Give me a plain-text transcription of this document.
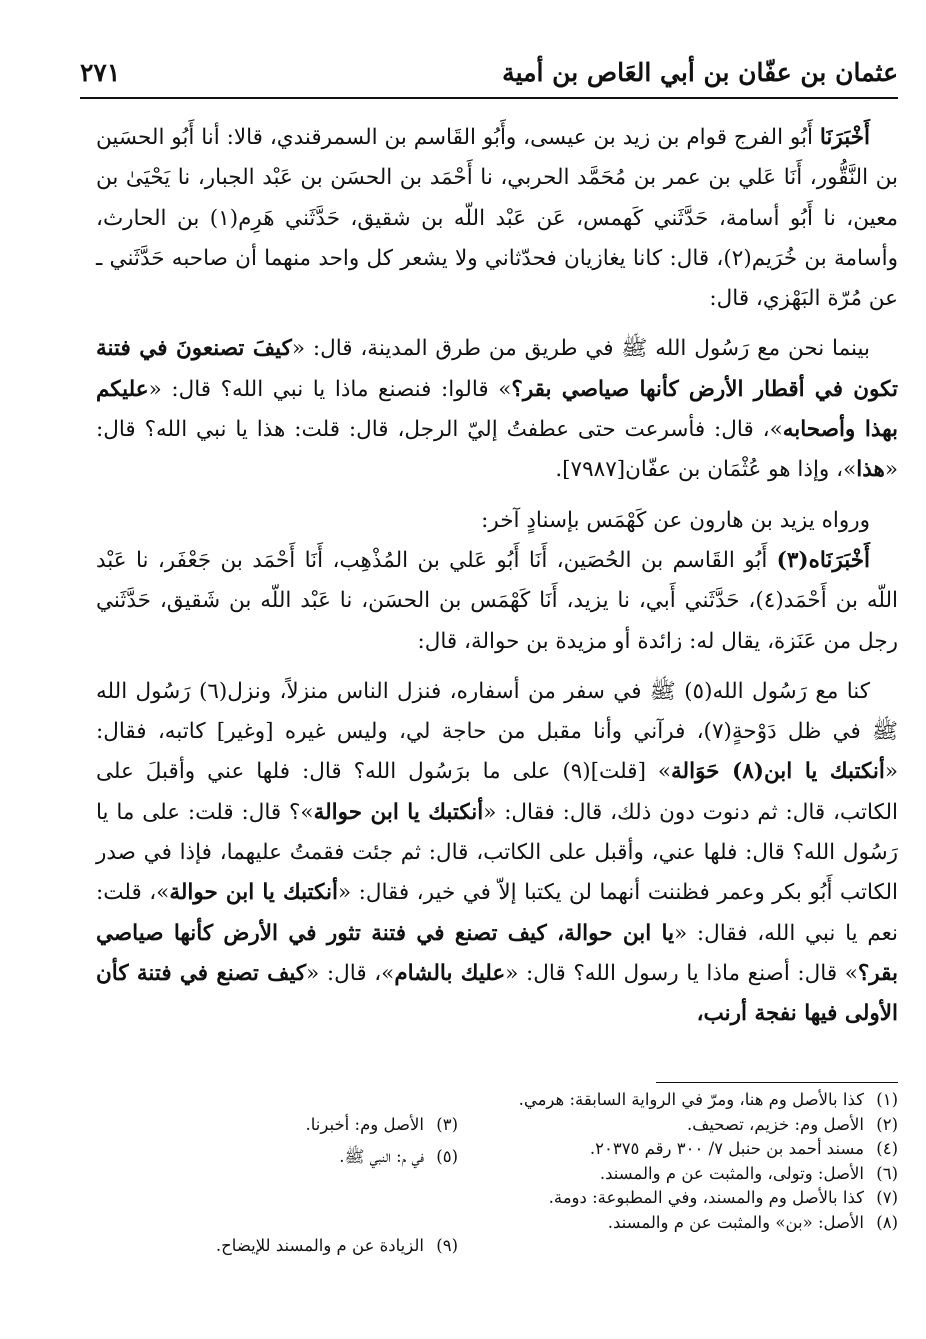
عثمان بن عفّان بن أبي العَاص بن أمية
٢٧١

أَخْبَرَنَا أَبُو الفرج قوام بن زيد بن عيسى، وأَبُو القَاسم بن السمرقندي، قالا: أنا أَبُو الحسَين بن النَّقُّور، أَنَا عَلي بن عمر بن مُحَمَّد الحربي، نا أَحْمَد بن الحسَن بن عَبْد الجبار، نا يَحْيَىٰ بن معين، نا أَبُو أسامة، حَدَّثَني كَهمس، عَن عَبْد اللّه بن شقيق، حَدَّثَني هَرِم(١) بن الحارث، وأسامة بن خُرَيم(٢)، قال: كانا يغازيان فحدّثاني ولا يشعر كل واحد منهما أن صاحبه حَدَّثَني ـ عن مُرّة البَهْزي، قال:

بينما نحن مع رَسُول الله ﷺ في طريق من طرق المدينة، قال: «كيفَ تصنعونَ في فتنة تكون في أقطار الأرض كأنها صياصي بقر؟» قالوا: فنصنع ماذا يا نبي الله؟ قال: «عليكم بهذا وأصحابه»، قال: فأسرعت حتى عطفتُ إليّ الرجل، قال: قلت: هذا يا نبي الله؟ قال: «هذا»، وإذا هو عُثْمَان بن عفّان[٧٩٨٧].

ورواه يزيد بن هارون عن كَهْمَس بإسنادٍ آخر:

أَخْبَرَنَاه(٣) أَبُو القَاسم بن الحُصَين، أَنَا أَبُو عَلي بن المُذْهِب، أَنَا أَحْمَد بن جَعْفَر، نا عَبْد اللّه بن أَحْمَد(٤)، حَدَّثَني أَبي، نا يزيد، أَنَا كَهْمَس بن الحسَن، نا عَبْد اللّه بن شَقيق، حَدَّثَني رجل من عَنَزة، يقال له: زائدة أو مزيدة بن حوالة، قال:

كنا مع رَسُول الله(٥) ﷺ في سفر من أسفاره، فنزل الناس منزلاً، ونزل(٦) رَسُول الله ﷺ في ظل دَوْحةٍ(٧)، فرآني وأنا مقبل من حاجة لي، وليس غيره [وغير] كاتبه، فقال: «أنكتبك يا ابن(٨) حَوَالة» [قلت](٩) على ما برَسُول الله؟ قال: فلها عني وأقبلَ على الكاتب، قال: ثم دنوت دون ذلك، قال: فقال: «أنكتبك يا ابن حوالة»؟ قال: قلت: على ما يا رَسُول الله؟ قال: فلها عني، وأقبل على الكاتب، قال: ثم جئت فقمتُ عليهما، فإذا في صدر الكاتب أَبُو بكر وعمر فظننت أنهما لن يكتبا إلاّ في خير، فقال: «أنكتبك يا ابن حوالة»، قلت: نعم يا نبي الله، فقال: «يا ابن حوالة، كيف تصنع في فتنة تثور في الأرض كأنها صياصي بقر؟» قال: أصنع ماذا يا رسول الله؟ قال: «عليك بالشام»، قال: «كيف تصنع في فتنة كأن الأولى فيها نفجة أرنب،

(١)كذا بالأصل وم هنا، ومرّ في الرواية السابقة: هرمي.
(٢)الأصل وم: خزيم، تصحيف.
(٤)مسند أحمد بن حنبل ٧/ ٣٠٠ رقم ٢٠٣٧٥.
(٦)الأصل: وتولى، والمثبت عن م والمسند.
(٧)كذا بالأصل وم والمسند، وفي المطبوعة: دومة.
(٨)الأصل: «بن» والمثبت عن م والمسند.
(٣)الأصل وم: أخبرنا.
(٥)في م: النبي ﷺ.
(٩)الزيادة عن م والمسند للإيضاح.
